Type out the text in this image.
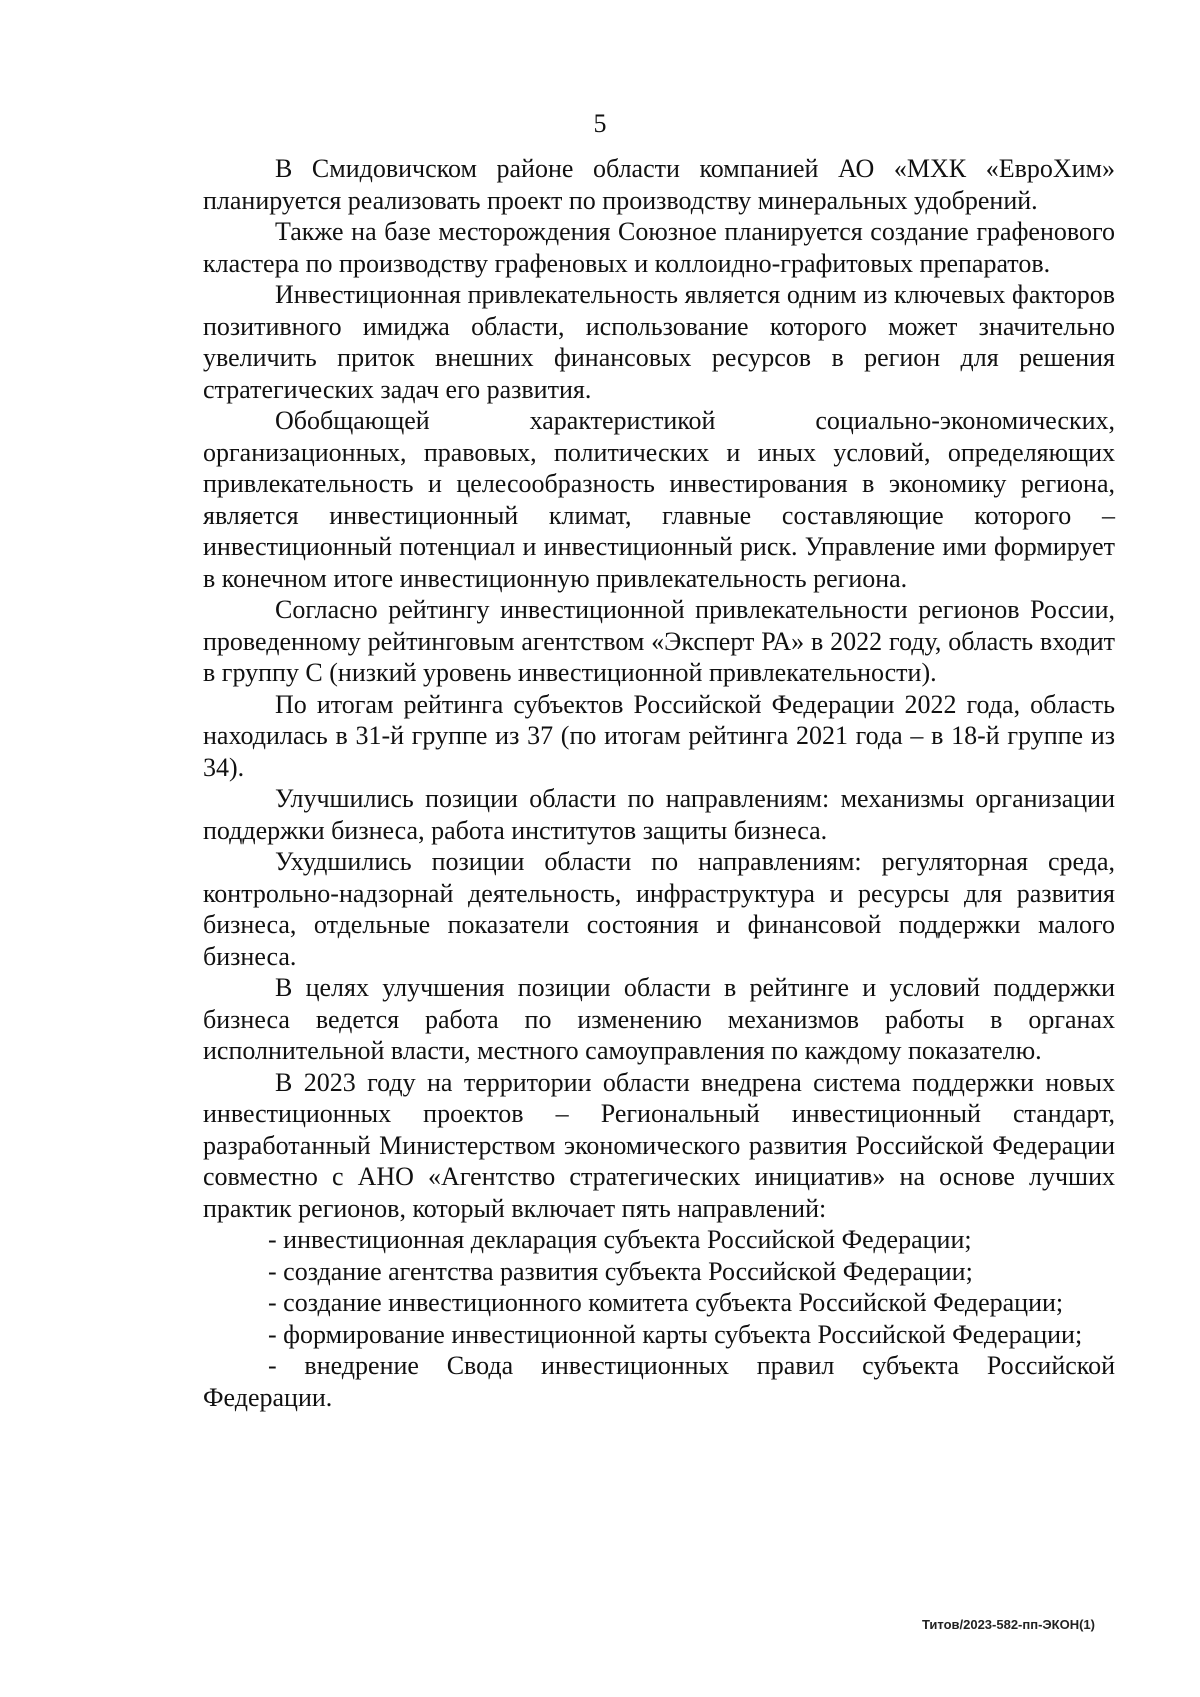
5

В Смидовичском районе области компанией АО «МХК «ЕвроХим» планируется реализовать проект по производству минеральных удобрений.

Также на базе месторождения Союзное планируется создание графенового кластера по производству графеновых и коллоидно-графитовых препаратов.

Инвестиционная привлекательность является одним из ключевых факторов позитивного имиджа области, использование которого может значительно увеличить приток внешних финансовых ресурсов в регион для решения стратегических задач его развития.

Обобщающей характеристикой социально-экономических, организационных, правовых, политических и иных условий, определяющих привлекательность и целесообразность инвестирования в экономику региона, является инвестиционный климат, главные составляющие которого – инвестиционный потенциал и инвестиционный риск. Управление ими формирует в конечном итоге инвестиционную привлекательность региона.

Согласно рейтингу инвестиционной привлекательности регионов России, проведенному рейтинговым агентством «Эксперт РА» в 2022 году, область входит в группу С (низкий уровень инвестиционной привлекательности).

По итогам рейтинга субъектов Российской Федерации 2022 года, область находилась в 31-й группе из 37 (по итогам рейтинга 2021 года – в 18-й группе из 34).

Улучшились позиции области по направлениям: механизмы организации поддержки бизнеса, работа институтов защиты бизнеса.

Ухудшились позиции области по направлениям: регуляторная среда, контрольно-надзорнай деятельность, инфраструктура и ресурсы для развития бизнеса, отдельные показатели состояния и финансовой поддержки малого бизнеса.

В целях улучшения позиции области в рейтинге и условий поддержки бизнеса ведется работа по изменению механизмов работы в органах исполнительной власти, местного самоуправления по каждому показателю.

В 2023 году на территории области внедрена система поддержки новых инвестиционных проектов – Региональный инвестиционный стандарт, разработанный Министерством экономического развития Российской Федерации совместно с АНО «Агентство стратегических инициатив» на основе лучших практик регионов, который включает пять направлений:

- инвестиционная декларация субъекта Российской Федерации;

- создание агентства развития субъекта Российской Федерации;

- создание инвестиционного комитета субъекта Российской Федерации;

- формирование инвестиционной карты субъекта Российской Федерации;

- внедрение Свода инвестиционных правил субъекта Российской Федерации.

Титов/2023-582-пп-ЭКОН(1)
